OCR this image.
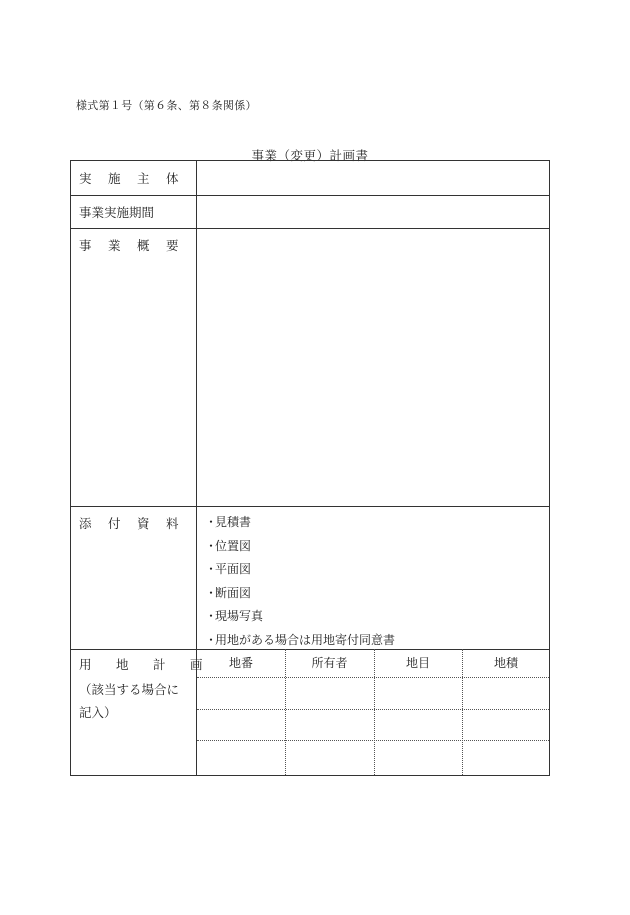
様式第１号（第６条、第８条関係）
事業（変更）計画書
実　施　主　体
事業実施期間
事　業　概　要
添　付　資　料 ・見積書
・位置図
・平面図
・断面図
・現場写真
・用地がある場合は用地寄付同意書
用　地　計　画
（該当する場合に
記入）
地番	所有者	地目	地積
